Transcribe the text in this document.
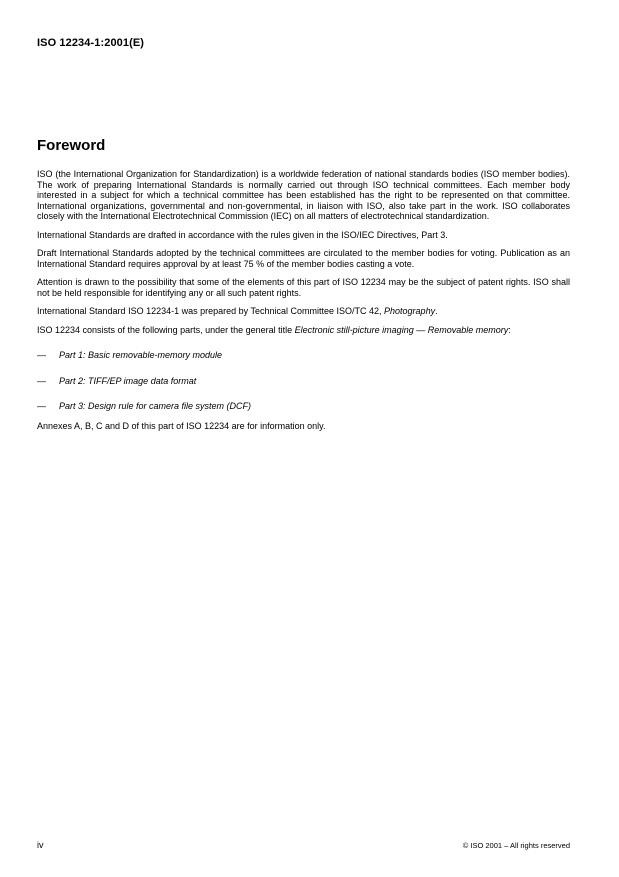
ISO 12234-1:2001(E)
Foreword

ISO (the International Organization for Standardization) is a worldwide federation of national standards bodies (ISO member bodies). The work of preparing International Standards is normally carried out through ISO technical committees. Each member body interested in a subject for which a technical committee has been established has the right to be represented on that committee. International organizations, governmental and non-governmental, in liaison with ISO, also take part in the work. ISO collaborates closely with the International Electrotechnical Commission (IEC) on all matters of electrotechnical standardization.

International Standards are drafted in accordance with the rules given in the ISO/IEC Directives, Part 3.

Draft International Standards adopted by the technical committees are circulated to the member bodies for voting. Publication as an International Standard requires approval by at least 75 % of the member bodies casting a vote.

Attention is drawn to the possibility that some of the elements of this part of ISO 12234 may be the subject of patent rights. ISO shall not be held responsible for identifying any or all such patent rights.

International Standard ISO 12234-1 was prepared by Technical Committee ISO/TC 42, Photography.

ISO 12234 consists of the following parts, under the general title Electronic still-picture imaging — Removable memory:

—	Part 1: Basic removable-memory module
—	Part 2: TIFF/EP image data format
—	Part 3: Design rule for camera file system (DCF)

Annexes A, B, C and D of this part of ISO 12234 are for information only.

iv	© ISO 2001 – All rights reserved
